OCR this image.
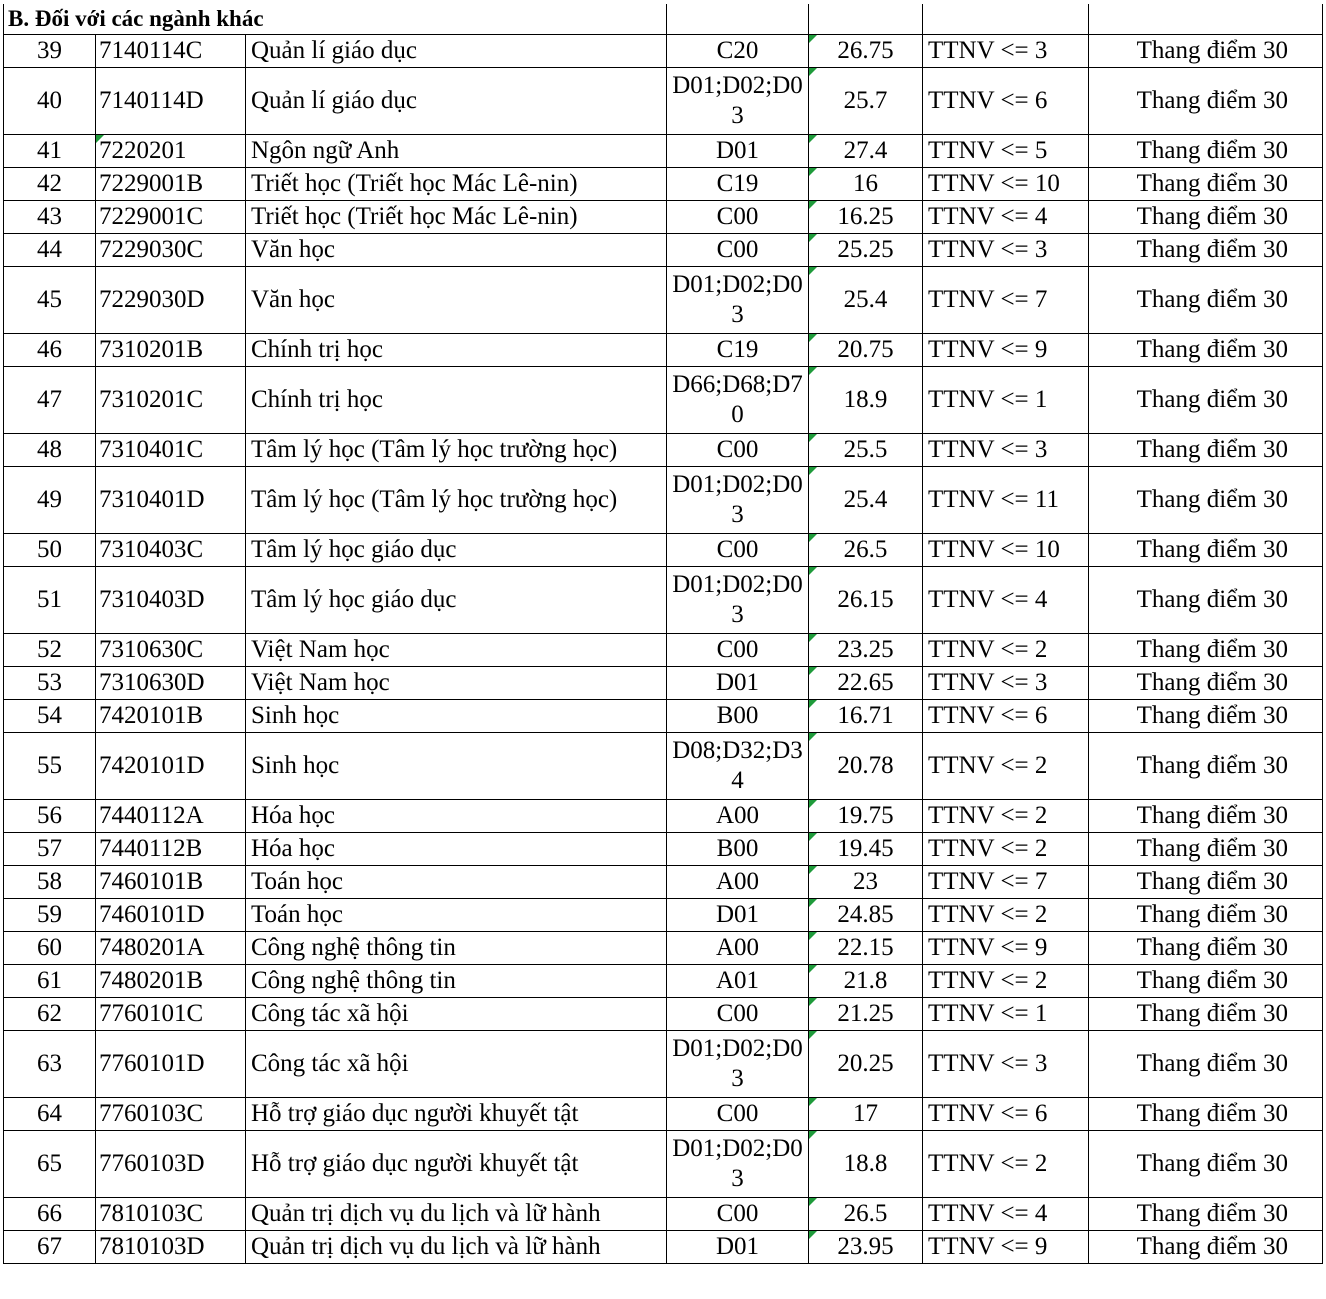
B. Đối với các ngành khác						
39	7140114C	Quản lí giáo dục	C20	26.75	TTNV <= 3	Thang điểm 30
40	7140114D	Quản lí giáo dục	D01;D02;D03	25.7	TTNV <= 6	Thang điểm 30
41	7220201	Ngôn ngữ Anh	D01	27.4	TTNV <= 5	Thang điểm 30
42	7229001B	Triết học (Triết học Mác Lê-nin)	C19	16	TTNV <= 10	Thang điểm 30
43	7229001C	Triết học (Triết học Mác Lê-nin)	C00	16.25	TTNV <= 4	Thang điểm 30
44	7229030C	Văn học	C00	25.25	TTNV <= 3	Thang điểm 30
45	7229030D	Văn học	D01;D02;D03	25.4	TTNV <= 7	Thang điểm 30
46	7310201B	Chính trị học	C19	20.75	TTNV <= 9	Thang điểm 30
47	7310201C	Chính trị học	D66;D68;D70	18.9	TTNV <= 1	Thang điểm 30
48	7310401C	Tâm lý học (Tâm lý học trường học)	C00	25.5	TTNV <= 3	Thang điểm 30
49	7310401D	Tâm lý học (Tâm lý học trường học)	D01;D02;D03	25.4	TTNV <= 11	Thang điểm 30
50	7310403C	Tâm lý học giáo dục	C00	26.5	TTNV <= 10	Thang điểm 30
51	7310403D	Tâm lý học giáo dục	D01;D02;D03	26.15	TTNV <= 4	Thang điểm 30
52	7310630C	Việt Nam học	C00	23.25	TTNV <= 2	Thang điểm 30
53	7310630D	Việt Nam học	D01	22.65	TTNV <= 3	Thang điểm 30
54	7420101B	Sinh học	B00	16.71	TTNV <= 6	Thang điểm 30
55	7420101D	Sinh học	D08;D32;D34	20.78	TTNV <= 2	Thang điểm 30
56	7440112A	Hóa học	A00	19.75	TTNV <= 2	Thang điểm 30
57	7440112B	Hóa học	B00	19.45	TTNV <= 2	Thang điểm 30
58	7460101B	Toán học	A00	23	TTNV <= 7	Thang điểm 30
59	7460101D	Toán học	D01	24.85	TTNV <= 2	Thang điểm 30
60	7480201A	Công nghệ thông tin	A00	22.15	TTNV <= 9	Thang điểm 30
61	7480201B	Công nghệ thông tin	A01	21.8	TTNV <= 2	Thang điểm 30
62	7760101C	Công tác xã hội	C00	21.25	TTNV <= 1	Thang điểm 30
63	7760101D	Công tác xã hội	D01;D02;D03	20.25	TTNV <= 3	Thang điểm 30
64	7760103C	Hỗ trợ giáo dục người khuyết tật	C00	17	TTNV <= 6	Thang điểm 30
65	7760103D	Hỗ trợ giáo dục người khuyết tật	D01;D02;D03	18.8	TTNV <= 2	Thang điểm 30
66	7810103C	Quản trị dịch vụ du lịch và lữ hành	C00	26.5	TTNV <= 4	Thang điểm 30
67	7810103D	Quản trị dịch vụ du lịch và lữ hành	D01	23.95	TTNV <= 9	Thang điểm 30
